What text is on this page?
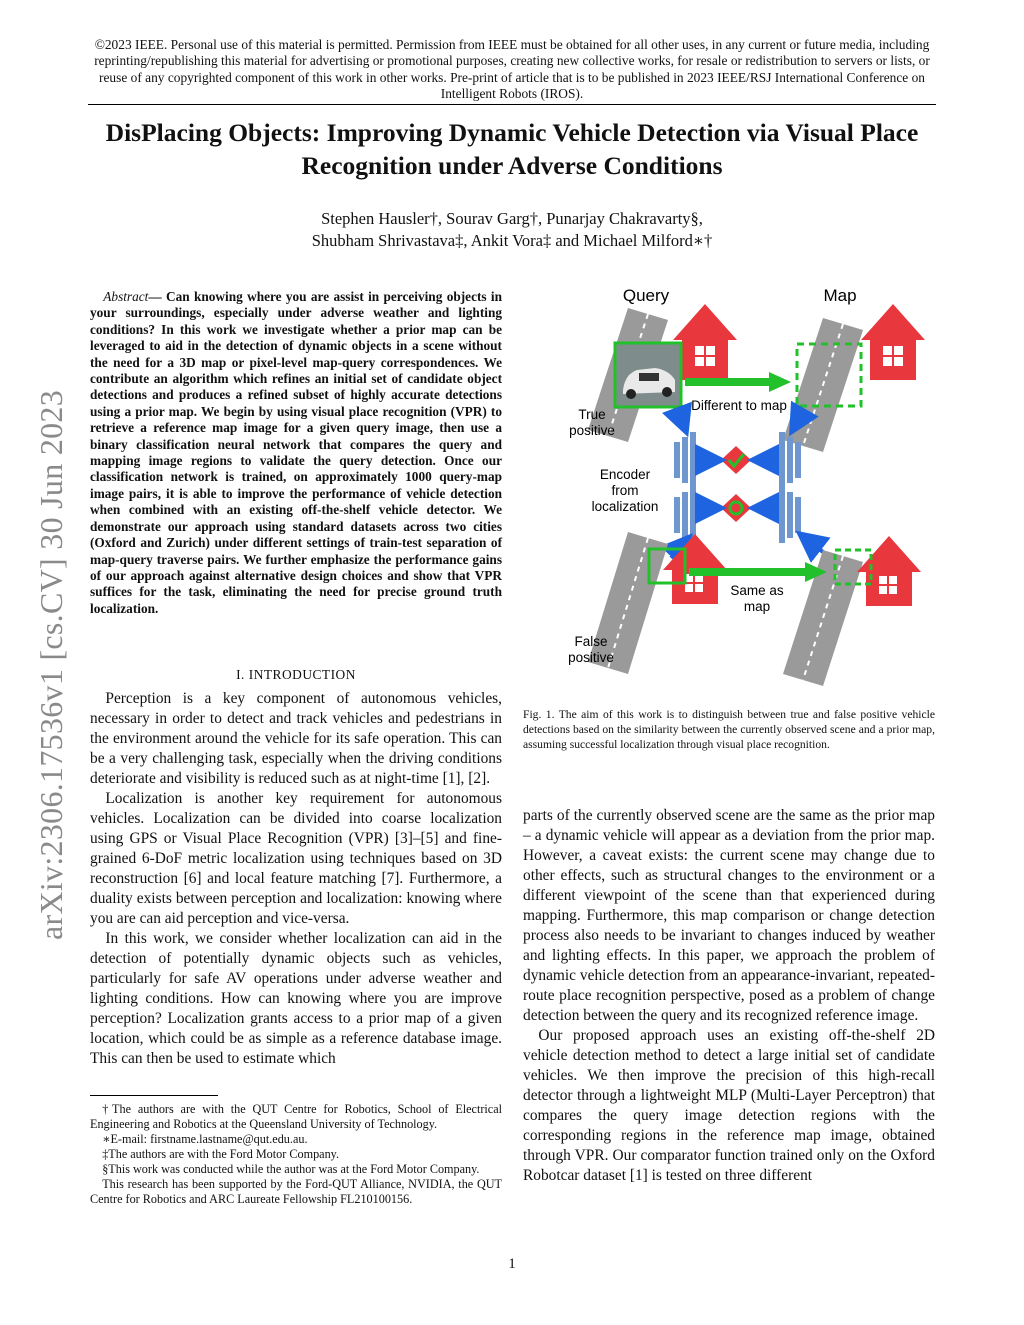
©2023 IEEE. Personal use of this material is permitted. Permission from IEEE must be obtained for all other uses, in any current or future media, including reprinting/republishing this material for advertising or promotional purposes, creating new collective works, for resale or redistribution to servers or lists, or reuse of any copyrighted component of this work in other works. Pre-print of article that is to be published in 2023 IEEE/RSJ International Conference on Intelligent Robots (IROS).
DisPlacing Objects: Improving Dynamic Vehicle Detection via Visual Place Recognition under Adverse Conditions
Stephen Hausler†, Sourav Garg†, Punarjay Chakravarty§,
Shubham Shrivastava‡, Ankit Vora‡ and Michael Milford∗†
arXiv:2306.17536v1 [cs.CV] 30 Jun 2023
Abstract— Can knowing where you are assist in perceiving objects in your surroundings, especially under adverse weather and lighting conditions? In this work we investigate whether a prior map can be leveraged to aid in the detection of dynamic objects in a scene without the need for a 3D map or pixel-level map-query correspondences. We contribute an algorithm which refines an initial set of candidate object detections and produces a refined subset of highly accurate detections using a prior map. We begin by using visual place recognition (VPR) to retrieve a reference map image for a given query image, then use a binary classification neural network that compares the query and mapping image regions to validate the query detection. Once our classification network is trained, on approximately 1000 query-map image pairs, it is able to improve the performance of vehicle detection when combined with an existing off-the-shelf vehicle detector. We demonstrate our approach using standard datasets across two cities (Oxford and Zurich) under different settings of train-test separation of map-query traverse pairs. We further emphasize the performance gains of our approach against alternative design choices and show that VPR suffices for the task, eliminating the need for precise ground truth localization.
I. INTRODUCTION

Perception is a key component of autonomous vehicles, necessary in order to detect and track vehicles and pedestrians in the environment around the vehicle for its safe operation. This can be a very challenging task, especially when the driving conditions deteriorate and visibility is reduced such as at night-time [1], [2].

Localization is another key requirement for autonomous vehicles. Localization can be divided into coarse localization using GPS or Visual Place Recognition (VPR) [3]–[5] and fine-grained 6-DoF metric localization using techniques based on 3D reconstruction [6] and local feature matching [7]. Furthermore, a duality exists between perception and localization: knowing where you are can aid perception and vice-versa.

In this work, we consider whether localization can aid in the detection of potentially dynamic objects such as vehicles, particularly for safe AV operations under adverse weather and lighting conditions. How can knowing where you are improve perception? Localization grants access to a prior map of a given location, which could be as simple as a reference database image. This can then be used to estimate which

†The authors are with the QUT Centre for Robotics, School of Electrical Engineering and Robotics at the Queensland University of Technology.

∗E-mail: firstname.lastname@qut.edu.au.

‡The authors are with the Ford Motor Company.

§This work was conducted while the author was at the Ford Motor Company.

This research has been supported by the Ford-QUT Alliance, NVIDIA, the QUT Centre for Robotics and ARC Laureate Fellowship FL210100156.

Query	Map
Different to map
True positive
Encoder from localization
Same as map
False positive
Fig. 1. The aim of this work is to distinguish between true and false positive vehicle detections based on the similarity between the currently observed scene and a prior map, assuming successful localization through visual place recognition.

parts of the currently observed scene are the same as the prior map – a dynamic vehicle will appear as a deviation from the prior map. However, a caveat exists: the current scene may change due to other effects, such as structural changes to the environment or a different viewpoint of the scene than that experienced during mapping. Furthermore, this map comparison or change detection process also needs to be invariant to changes induced by weather and lighting effects. In this paper, we approach the problem of dynamic vehicle detection from an appearance-invariant, repeated-route place recognition perspective, posed as a problem of change detection between the query and its recognized reference image.

Our proposed approach uses an existing off-the-shelf 2D vehicle detection method to detect a large initial set of candidate vehicles. We then improve the precision of this high-recall detector through a lightweight MLP (Multi-Layer Perceptron) that compares the query image detection regions with the corresponding regions in the reference map image, obtained through VPR. Our comparator function trained only on the Oxford Robotcar dataset [1] is tested on three different

1
